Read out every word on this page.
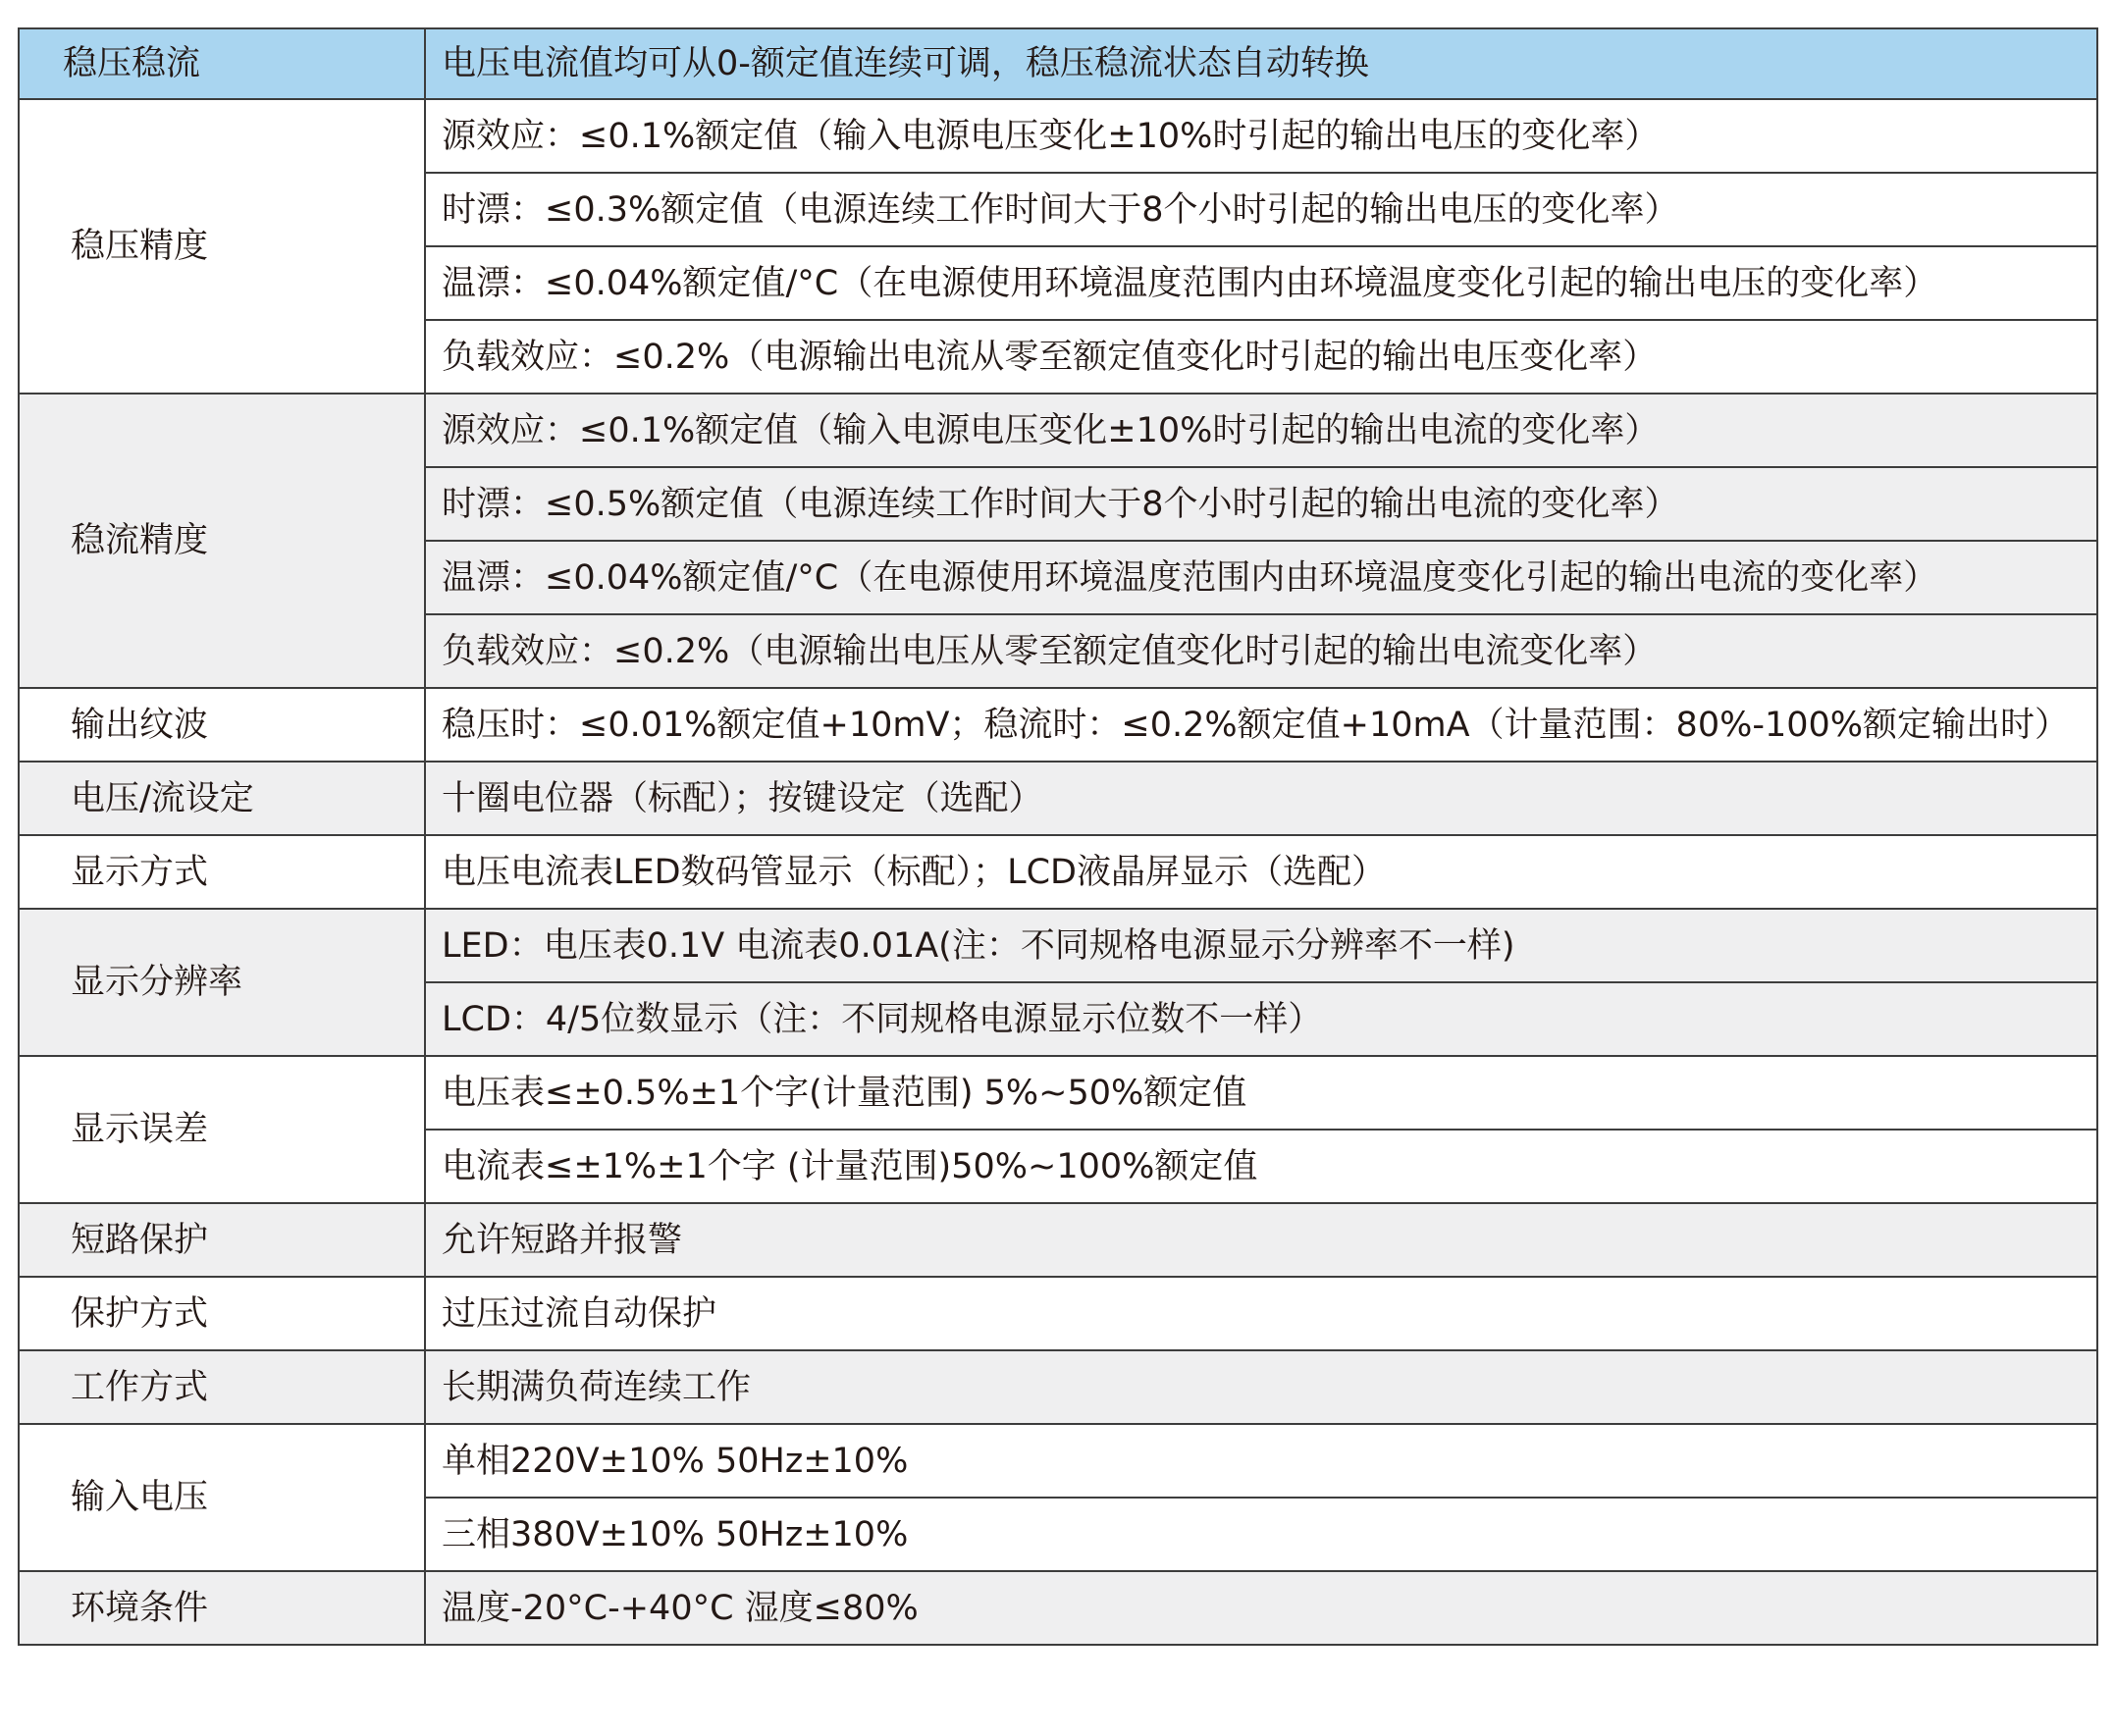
稳压稳流	电压电流值均可从0-额定值连续可调，稳压稳流状态自动转换
稳压精度	源效应：≤0.1%额定值（输入电源电压变化±10%时引起的输出电压的变化率）
	时漂：≤0.3%额定值（电源连续工作时间大于8个小时引起的输出电压的变化率）
	温漂：≤0.04%额定值/°C（在电源使用环境温度范围内由环境温度变化引起的输出电压的变化率）
	负载效应：≤0.2%（电源输出电流从零至额定值变化时引起的输出电压变化率）
稳流精度	源效应：≤0.1%额定值（输入电源电压变化±10%时引起的输出电流的变化率）
	时漂：≤0.5%额定值（电源连续工作时间大于8个小时引起的输出电流的变化率）
	温漂：≤0.04%额定值/°C（在电源使用环境温度范围内由环境温度变化引起的输出电流的变化率）
	负载效应：≤0.2%（电源输出电压从零至额定值变化时引起的输出电流变化率）
输出纹波	稳压时：≤0.01%额定值+10mV；稳流时：≤0.2%额定值+10mA（计量范围：80%-100%额定输出时）
电压/流设定	十圈电位器（标配）；按键设定（选配）
显示方式	电压电流表LED数码管显示（标配）；LCD液晶屏显示（选配）
显示分辨率	LED：电压表0.1V 电流表0.01A(注：不同规格电源显示分辨率不一样)
	LCD：4/5位数显示（注：不同规格电源显示位数不一样）
显示误差	电压表≤±0.5%±1个字(计量范围) 5%~50%额定值
	电流表≤±1%±1个字 (计量范围)50%~100%额定值
短路保护	允许短路并报警
保护方式	过压过流自动保护
工作方式	长期满负荷连续工作
输入电压	单相220V±10% 50Hz±10%
	三相380V±10% 50Hz±10%
环境条件	温度-20°C-+40°C 湿度≤80%
